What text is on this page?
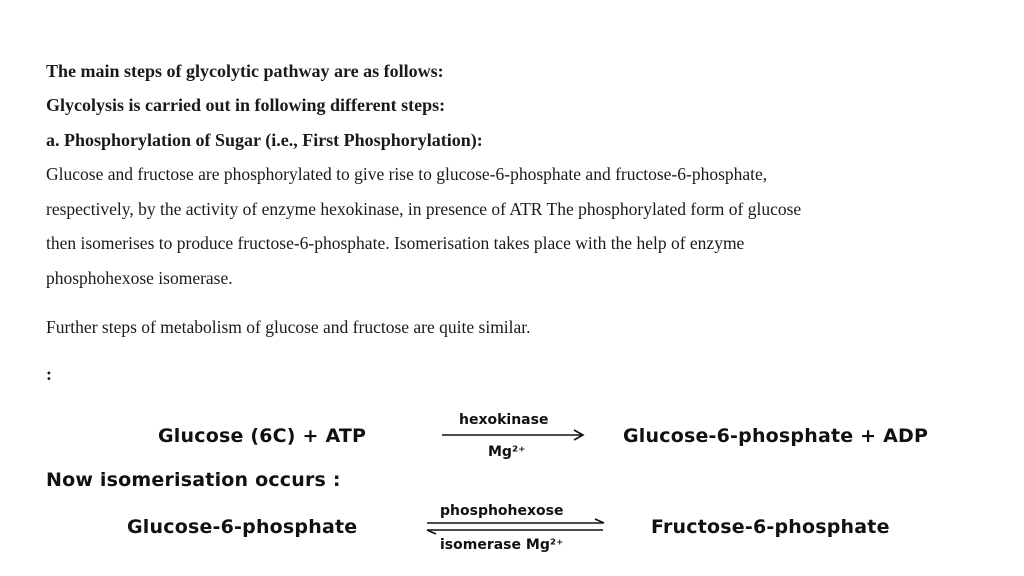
The main steps of glycolytic pathway are as follows:
Glycolysis is carried out in following different steps:
a. Phosphorylation of Sugar (i.e., First Phosphorylation):
Glucose and fructose are phosphorylated to give rise to glucose-6-phosphate and fructose-6-phosphate,
respectively, by the activity of enzyme hexokinase, in presence of ATR The phosphorylated form of glucose
then isomerises to produce fructose-6-phosphate. Isomerisation takes place with the help of enzyme
phosphohexose isomerase.
Further steps of metabolism of glucose and fructose are quite similar.
:
Glucose (6C) + ATP
hexokinase
Mg²⁺
Glucose-6-phosphate + ADP
Now isomerisation occurs :
Glucose-6-phosphate
phosphohexose
isomerase Mg²⁺
Fructose-6-phosphate
